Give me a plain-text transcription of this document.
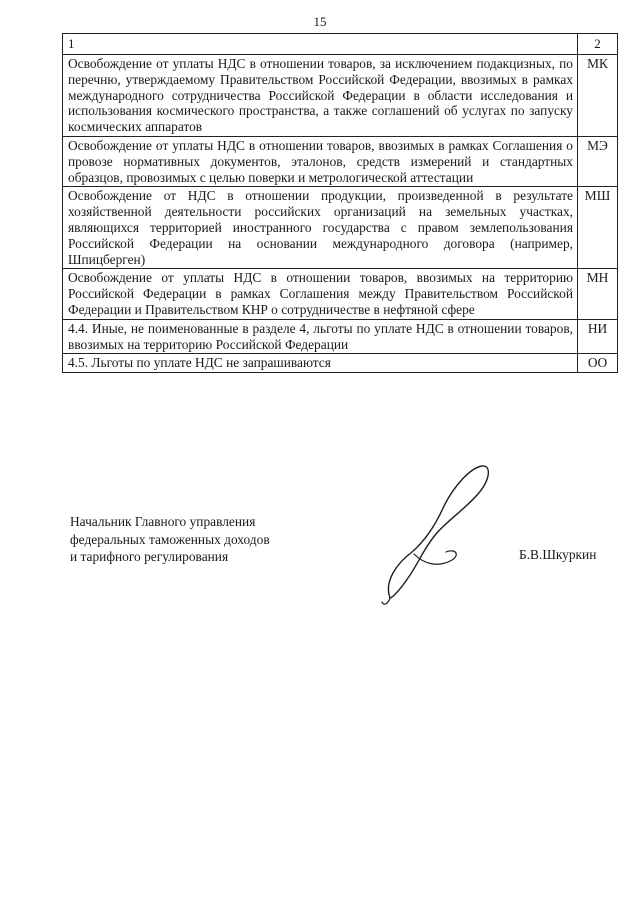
15
1	2
Освобождение от уплаты НДС в отношении товаров, за исключением подакцизных, по перечню, утверждаемому Правительством Российской Федерации, ввозимых в рамках международного сотрудничества Российской Федерации в области исследования и использования космического пространства, а также соглашений об услугах по запуску космических аппаратов	МК
Освобождение от уплаты НДС в отношении товаров, ввозимых в рамках Соглашения о провозе нормативных документов, эталонов, средств измерений и стандартных образцов, провозимых с целью поверки и метрологической аттестации	МЭ
Освобождение от НДС в отношении продукции, произведенной в результате хозяйственной деятельности российских организаций на земельных участках, являющихся территорией иностранного государства с правом землепользования Российской Федерации на основании международного договора (например, Шпицберген)	МШ
Освобождение от уплаты НДС в отношении товаров, ввозимых на территорию Российской Федерации в рамках Соглашения между Правительством Российской Федерации и Правительством КНР о сотрудничестве в нефтяной сфере	МН
4.4. Иные, не поименованные в разделе 4, льготы по уплате НДС в отношении товаров, ввозимых на территорию Российской Федерации	НИ
4.5. Льготы по уплате НДС не запрашиваются	ОО
Начальник Главного управления
федеральных таможенных доходов
и тарифного регулирования	Б.В.Шкуркин
